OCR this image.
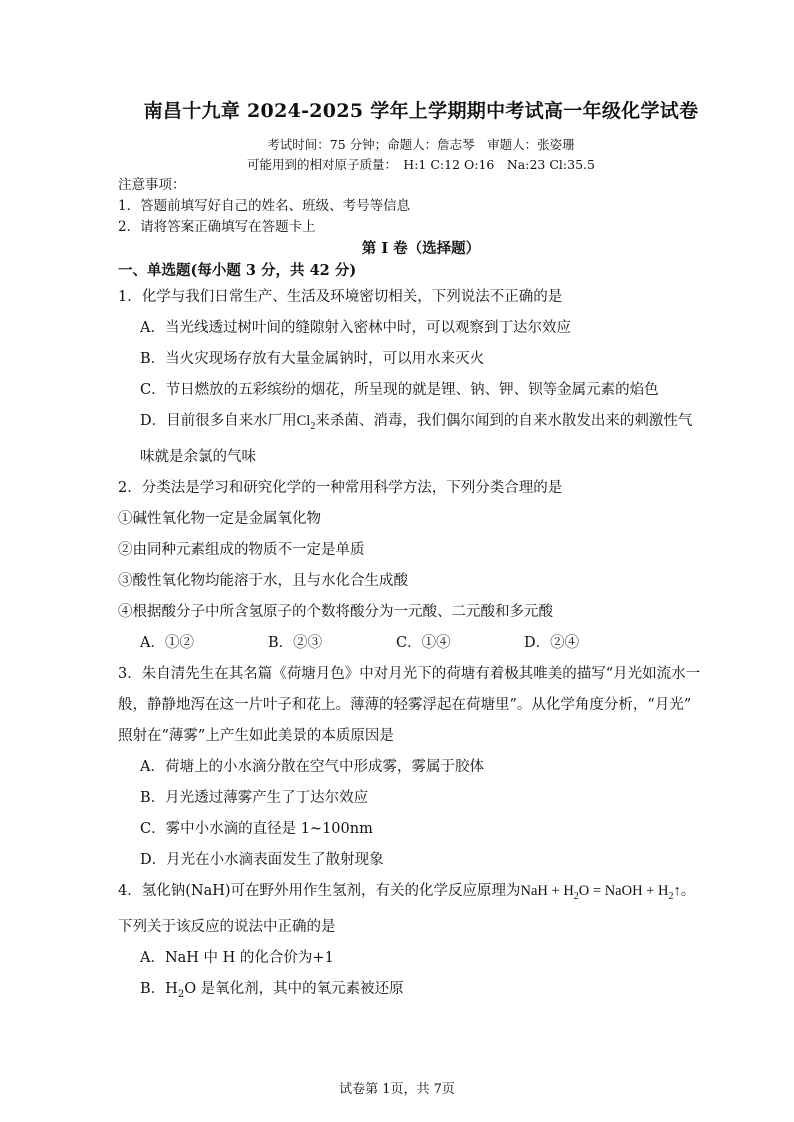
南昌十九章 2024-2025 学年上学期期中考试高一年级化学试卷
考试时间：75 分钟；命题人：詹志琴　审题人：张姿珊
可能用到的相对原子质量：　H:1 C:12 O:16　Na:23 Cl:35.5
注意事项：
1．答题前填写好自己的姓名、班级、考号等信息
2．请将答案正确填写在答题卡上
第 I 卷（选择题）
一、单选题(每小题 3 分，共 42 分)
1．化学与我们日常生产、生活及环境密切相关，下列说法不正确的是
A．当光线透过树叶间的缝隙射入密林中时，可以观察到丁达尔效应
B．当火灾现场存放有大量金属钠时，可以用水来灭火
C．节日燃放的五彩缤纷的烟花，所呈现的就是锂、钠、钾、钡等金属元素的焰色
D．目前很多自来水厂用$Cl_2$来杀菌、消毒，我们偶尔闻到的自来水散发出来的刺激性气
味就是余氯的气味
2．分类法是学习和研究化学的一种常用科学方法，下列分类合理的是
①碱性氧化物一定是金属氧化物
②由同种元素组成的物质不一定是单质
③酸性氧化物均能溶于水，且与水化合生成酸
④根据酸分子中所含氢原子的个数将酸分为一元酸、二元酸和多元酸
A．①②	B．②③	C．①④	D．②④
3．朱自清先生在其名篇《荷塘月色》中对月光下的荷塘有着极其唯美的描写“月光如流水一
般，静静地泻在这一片叶子和花上。薄薄的轻雾浮起在荷塘里”。从化学角度分析，“月光”
照射在“薄雾”上产生如此美景的本质原因是
A．荷塘上的小水滴分散在空气中形成雾，雾属于胶体
B．月光透过薄雾产生了丁达尔效应
C．雾中小水滴的直径是 1~100nm
D．月光在小水滴表面发生了散射现象
4．氢化钠(NaH)可在野外用作生氢剂，有关的化学反应原理为NaH + $H_2O$ = NaOH + $H_2↑$。
下列关于该反应的说法中正确的是
A．NaH 中 H 的化合价为+1
B．$H_2O$ 是氧化剂，其中的氧元素被还原
试卷第 1页，共 7页
